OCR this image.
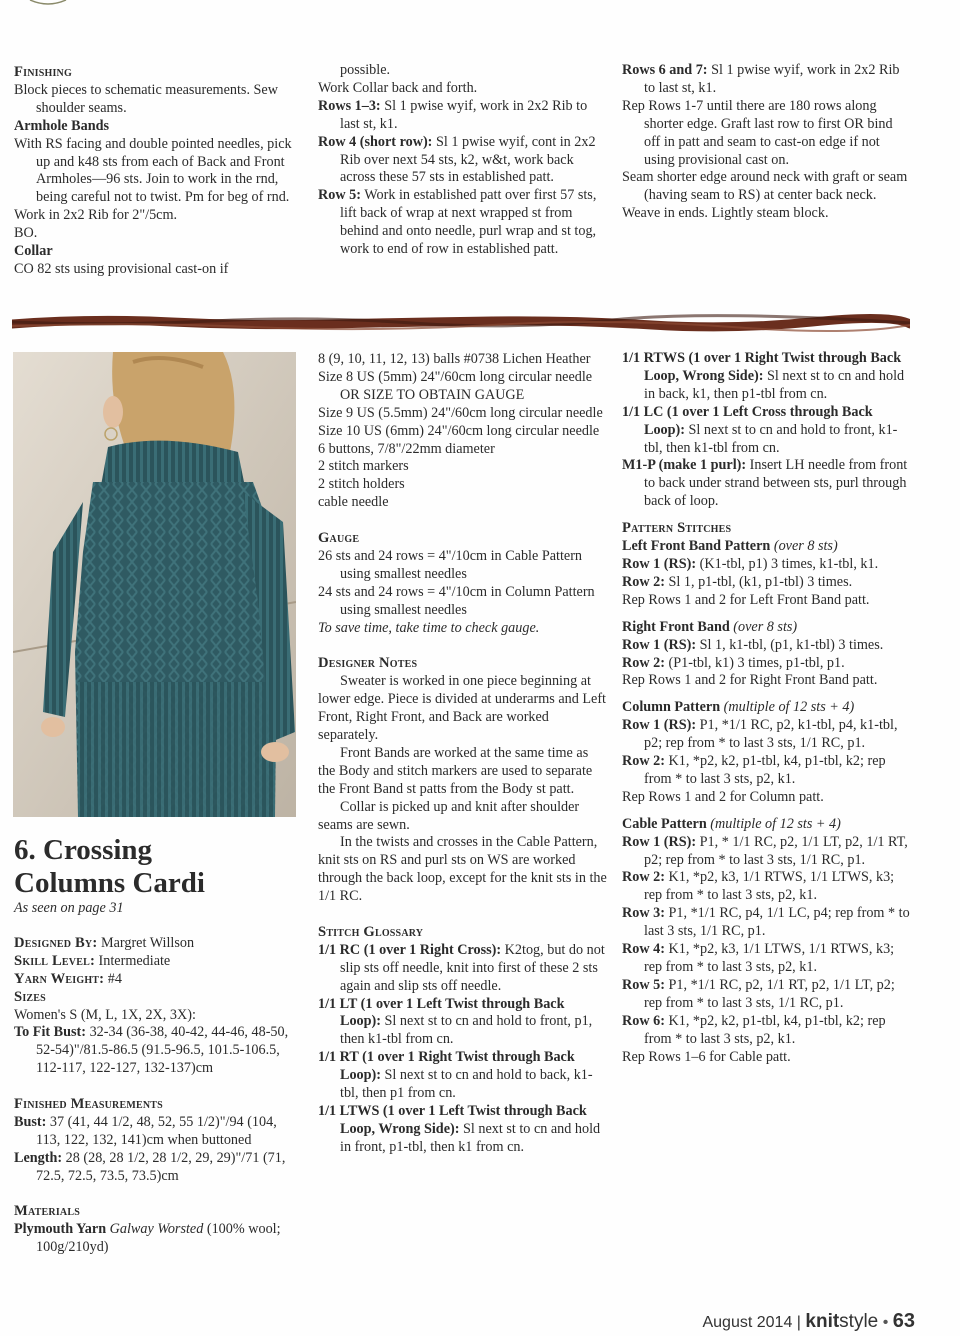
Finishing

Block pieces to schematic measurements. Sew shoulder seams.

Armhole Bands

With RS facing and double pointed needles, pick up and k48 sts from each of Back and Front Armholes—96 sts. Join to work in the rnd, being careful not to twist. Pm for beg of rnd.

Work in 2x2 Rib for 2"/5cm.

BO.

Collar

CO 82 sts using provisional cast-on if

possible.

Work Collar back and forth.

Rows 1–3: Sl 1 pwise wyif, work in 2x2 Rib to last st, k1.

Row 4 (short row): Sl 1 pwise wyif, cont in 2x2 Rib over next 54 sts, k2, w&t, work back across these 57 sts in established patt.

Row 5: Work in established patt over first 57 sts, lift back of wrap at next wrapped st from behind and onto needle, purl wrap and st tog, work to end of row in established patt.

Rows 6 and 7: Sl 1 pwise wyif, work in 2x2 Rib to last st, k1.

Rep Rows 1-7 until there are 180 rows along shorter edge. Graft last row to first OR bind off in patt and seam to cast-on edge if not using provisional cast on.

Seam shorter edge around neck with graft or seam (having seam to RS) at center back neck.

Weave in ends. Lightly steam block.

6. Crossing

Columns Cardi

As seen on page 31

Designed By: Margret Willson

Skill Level: Intermediate

Yarn Weight: #4

Sizes

Women's S (M, L, 1X, 2X, 3X):

To Fit Bust: 32-34 (36-38, 40-42, 44-46, 48-50, 52-54)"/81.5-86.5 (91.5-96.5, 101.5-106.5, 112-117, 122-127, 132-137)cm

Finished Measurements

Bust: 37 (41, 44 1/2, 48, 52, 55 1/2)"/94 (104, 113, 122, 132, 141)cm when buttoned

Length: 28 (28, 28 1/2, 28 1/2, 29, 29)"/71 (71, 72.5, 72.5, 73.5, 73.5)cm

Materials

Plymouth Yarn Galway Worsted (100% wool; 100g/210yd)

8 (9, 10, 11, 12, 13) balls #0738 Lichen Heather

Size 8 US (5mm) 24"/60cm long circular needle OR SIZE TO OBTAIN GAUGE

Size 9 US (5.5mm) 24"/60cm long circular needle

Size 10 US (6mm) 24"/60cm long circular needle

6 buttons, 7/8"/22mm diameter

2 stitch markers

2 stitch holders

cable needle

Gauge

26 sts and 24 rows = 4"/10cm in Cable Pattern using smallest needles

24 sts and 24 rows = 4"/10cm in Column Pattern using smallest needles

To save time, take time to check gauge.

Designer Notes

Sweater is worked in one piece beginning at lower edge. Piece is divided at underarms and Left Front, Right Front, and Back are worked separately.

Front Bands are worked at the same time as the Body and stitch markers are used to separate the Front Band st patts from the Body st patt.

Collar is picked up and knit after shoulder seams are sewn.

In the twists and crosses in the Cable Pattern, knit sts on RS and purl sts on WS are worked through the back loop, except for the knit sts in the 1/1 RC.

Stitch Glossary

1/1 RC (1 over 1 Right Cross): K2tog, but do not slip sts off needle, knit into first of these 2 sts again and slip sts off needle.

1/1 LT (1 over 1 Left Twist through Back Loop): Sl next st to cn and hold to front, p1, then k1-tbl from cn.

1/1 RT (1 over 1 Right Twist through Back Loop): Sl next st to cn and hold to back, k1-tbl, then p1 from cn.

1/1 LTWS (1 over 1 Left Twist through Back Loop, Wrong Side): Sl next st to cn and hold in front, p1-tbl, then k1 from cn.

1/1 RTWS (1 over 1 Right Twist through Back Loop, Wrong Side): Sl next st to cn and hold in back, k1, then p1-tbl from cn.

1/1 LC (1 over 1 Left Cross through Back Loop): Sl next st to cn and hold to front, k1-tbl, then k1-tbl from cn.

M1-P (make 1 purl): Insert LH needle from front to back under strand between sts, purl through back of loop.

Pattern Stitches

Left Front Band Pattern (over 8 sts)

Row 1 (RS): (K1-tbl, p1) 3 times, k1-tbl, k1.

Row 2: Sl 1, p1-tbl, (k1, p1-tbl) 3 times.

Rep Rows 1 and 2 for Left Front Band patt.

Right Front Band (over 8 sts)

Row 1 (RS): Sl 1, k1-tbl, (p1, k1-tbl) 3 times.

Row 2: (P1-tbl, k1) 3 times, p1-tbl, p1.

Rep Rows 1 and 2 for Right Front Band patt.

Column Pattern (multiple of 12 sts + 4)

Row 1 (RS): P1, *1/1 RC, p2, k1-tbl, p4, k1-tbl, p2; rep from * to last 3 sts, 1/1 RC, p1.

Row 2: K1, *p2, k2, p1-tbl, k4, p1-tbl, k2; rep from * to last 3 sts, p2, k1.

Rep Rows 1 and 2 for Column patt.

Cable Pattern (multiple of 12 sts + 4)

Row 1 (RS): P1, * 1/1 RC, p2, 1/1 LT, p2, 1/1 RT, p2; rep from * to last 3 sts, 1/1 RC, p1.

Row 2: K1, *p2, k3, 1/1 RTWS, 1/1 LTWS, k3; rep from * to last 3 sts, p2, k1.

Row 3: P1, *1/1 RC, p4, 1/1 LC, p4; rep from * to last 3 sts, 1/1 RC, p1.

Row 4: K1, *p2, k3, 1/1 LTWS, 1/1 RTWS, k3; rep from * to last 3 sts, p2, k1.

Row 5: P1, *1/1 RC, p2, 1/1 RT, p2, 1/1 LT, p2; rep from * to last 3 sts, 1/1 RC, p1.

Row 6: K1, *p2, k2, p1-tbl, k4, p1-tbl, k2; rep from * to last 3 sts, p2, k1.

Rep Rows 1–6 for Cable patt.

August 2014 | knitstyle • 63
